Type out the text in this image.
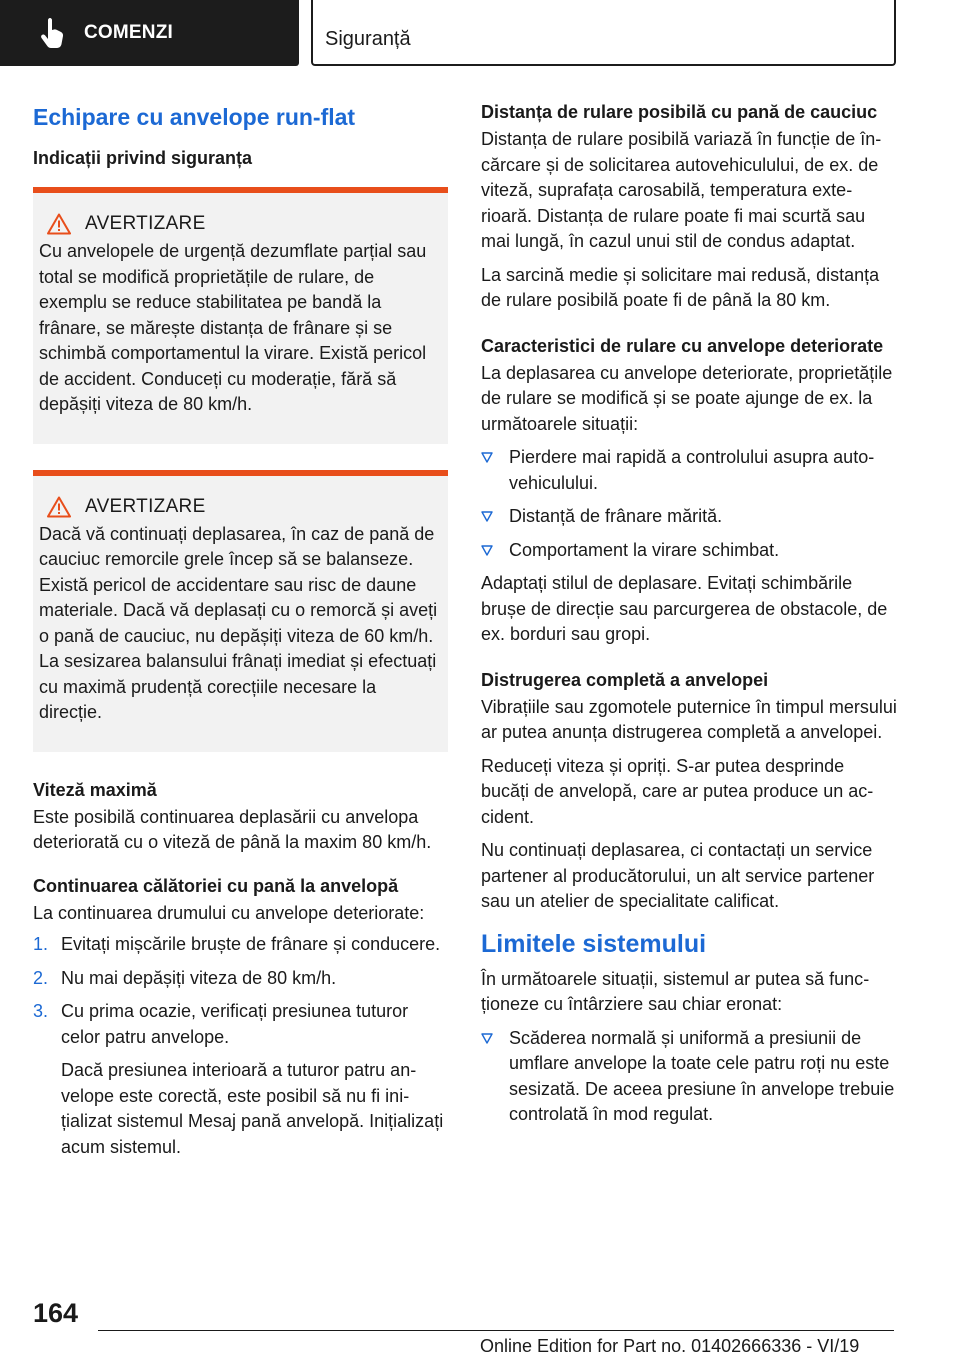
COMENZI	Siguranță
Echipare cu anvelope run-flat
Indicații privind siguranța
AVERTIZARE

Cu anvelopele de urgență dezumflate parțial sau total se modifică proprietățile de rulare, de exemplu se reduce stabilitatea pe bandă la frânare, se mărește distanța de frânare și se schimbă comportamentul la virare. Există pericol de accident. Conduceți cu moderație, fără să depășiți viteza de 80 km/h.

AVERTIZARE

Dacă vă continuați deplasarea, în caz de pană de cauciuc remorcile grele încep să se balanseze. Există pericol de accidentare sau risc de daune materiale. Dacă vă deplasați cu o remorcă și aveți o pană de cauciuc, nu depășiți viteza de 60 km/h. La sesizarea balansului frânați imediat și efectuați cu maximă prudență corecțiile necesare la direcție.

Viteză maximă

Este posibilă continuarea deplasării cu anvelopa deteriorată cu o viteză de până la maxim 80 km/h.

Continuarea călătoriei cu pană la anvelopă

La continuarea drumului cu anvelope deteriorate:

1. Evitați mișcările bruște de frânare și conducere.

2. Nu mai depășiți viteza de 80 km/h.

3. Cu prima ocazie, verificați presiunea tuturor celor patru anvelope.

Dacă presiunea interioară a tuturor patru anvelope este corectă, este posibil să nu fi inițializat sistemul Mesaj pană anvelopă. Inițializați acum sistemul.

Distanța de rulare posibilă cu pană de cauciuc

Distanța de rulare posibilă variază în funcție de încărcare și de solicitarea autovehiculului, de ex. de viteză, suprafața carosabilă, temperatura exterioară. Distanța de rulare poate fi mai scurtă sau mai lungă, în cazul unui stil de condus adaptat.

La sarcină medie și solicitare mai redusă, distanța de rulare posibilă poate fi de până la 80 km.

Caracteristici de rulare cu anvelope deteriorate

La deplasarea cu anvelope deteriorate, proprietățile de rulare se modifică și se poate ajunge de ex. la următoarele situații:

Pierdere mai rapidă a controlului asupra autovehiculului.
Distanță de frânare mărită.
Comportament la virare schimbat.

Adaptați stilul de deplasare. Evitați schimbările brușe de direcție sau parcurgerea de obstacole, de ex. borduri sau gropi.

Distrugerea completă a anvelopei

Vibrațiile sau zgomotele puternice în timpul mersului ar putea anunța distrugerea completă a anvelopei.

Reduceți viteza și opriți. S-ar putea desprinde bucăți de anvelopă, care ar putea produce un accident.

Nu continuați deplasarea, ci contactați un service partener al producătorului, un alt service partener sau un atelier de specialitate calificat.

Limitele sistemului

În următoarele situații, sistemul ar putea să funcționeze cu întârziere sau chiar eronat:

Scăderea normală și uniformă a presiunii de umflare anvelope la toate cele patru roți nu este sesizată. De aceea presiune în anvelope trebuie controlată în mod regulat.
164
Online Edition for Part no. 01402666336 - VI/19
